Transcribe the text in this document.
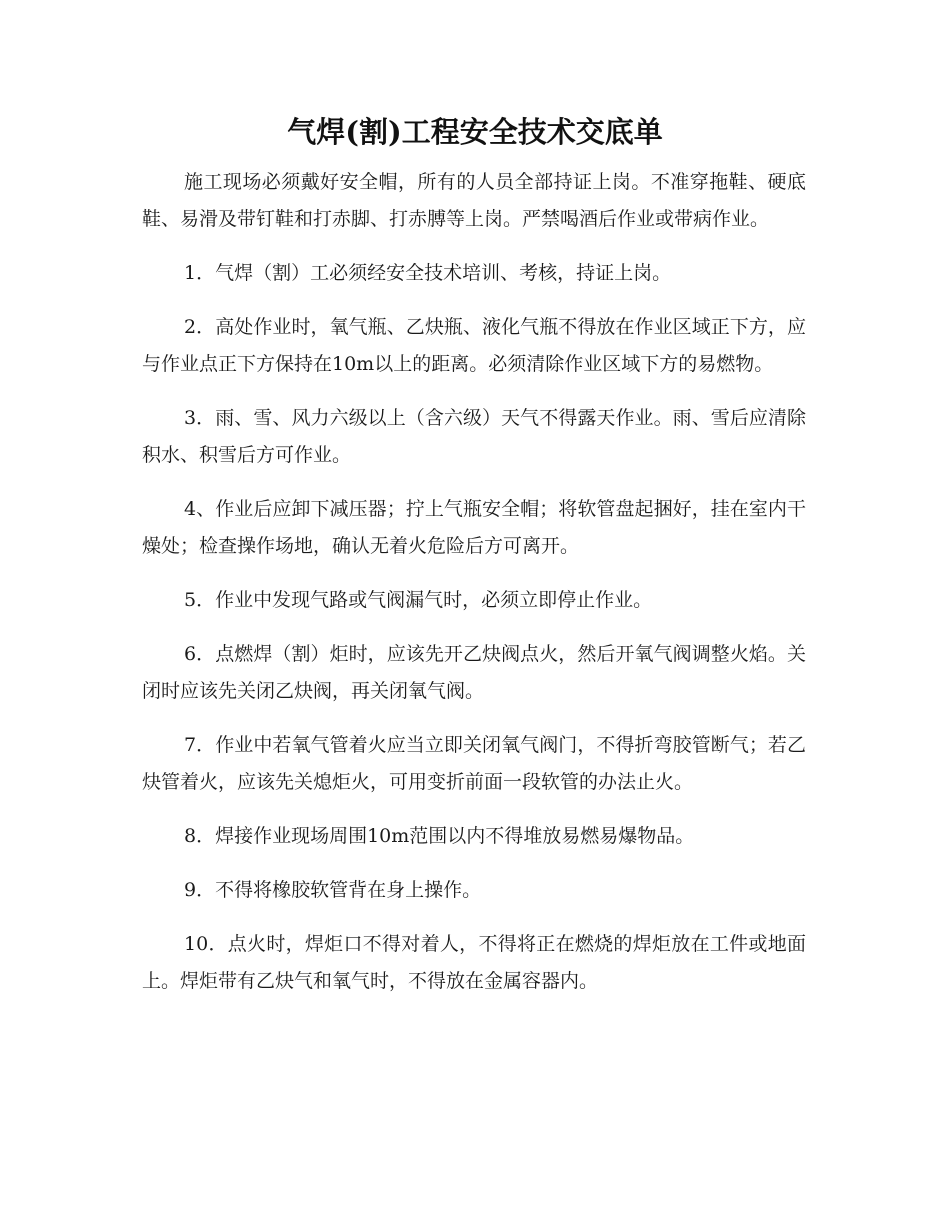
气焊(割)工程安全技术交底单

施工现场必须戴好安全帽，所有的人员全部持证上岗。不准穿拖鞋、硬底鞋、易滑及带钉鞋和打赤脚、打赤膊等上岗。严禁喝酒后作业或带病作业。

1．气焊（割）工必须经安全技术培训、考核，持证上岗。

2．高处作业时，氧气瓶、乙炔瓶、液化气瓶不得放在作业区域正下方，应与作业点正下方保持在10m以上的距离。必须清除作业区域下方的易燃物。

3．雨、雪、风力六级以上（含六级）天气不得露天作业。雨、雪后应清除积水、积雪后方可作业。

4、作业后应卸下减压器；拧上气瓶安全帽；将软管盘起捆好，挂在室内干燥处；检查操作场地，确认无着火危险后方可离开。

5．作业中发现气路或气阀漏气时，必须立即停止作业。

6．点燃焊（割）炬时，应该先开乙炔阀点火，然后开氧气阀调整火焰。关闭时应该先关闭乙炔阀，再关闭氧气阀。

7．作业中若氧气管着火应当立即关闭氧气阀门，不得折弯胶管断气；若乙炔管着火，应该先关熄炬火，可用变折前面一段软管的办法止火。

8．焊接作业现场周围10m范围以内不得堆放易燃易爆物品。

9．不得将橡胶软管背在身上操作。

10．点火时，焊炬口不得对着人，不得将正在燃烧的焊炬放在工件或地面上。焊炬带有乙炔气和氧气时，不得放在金属容器内。
